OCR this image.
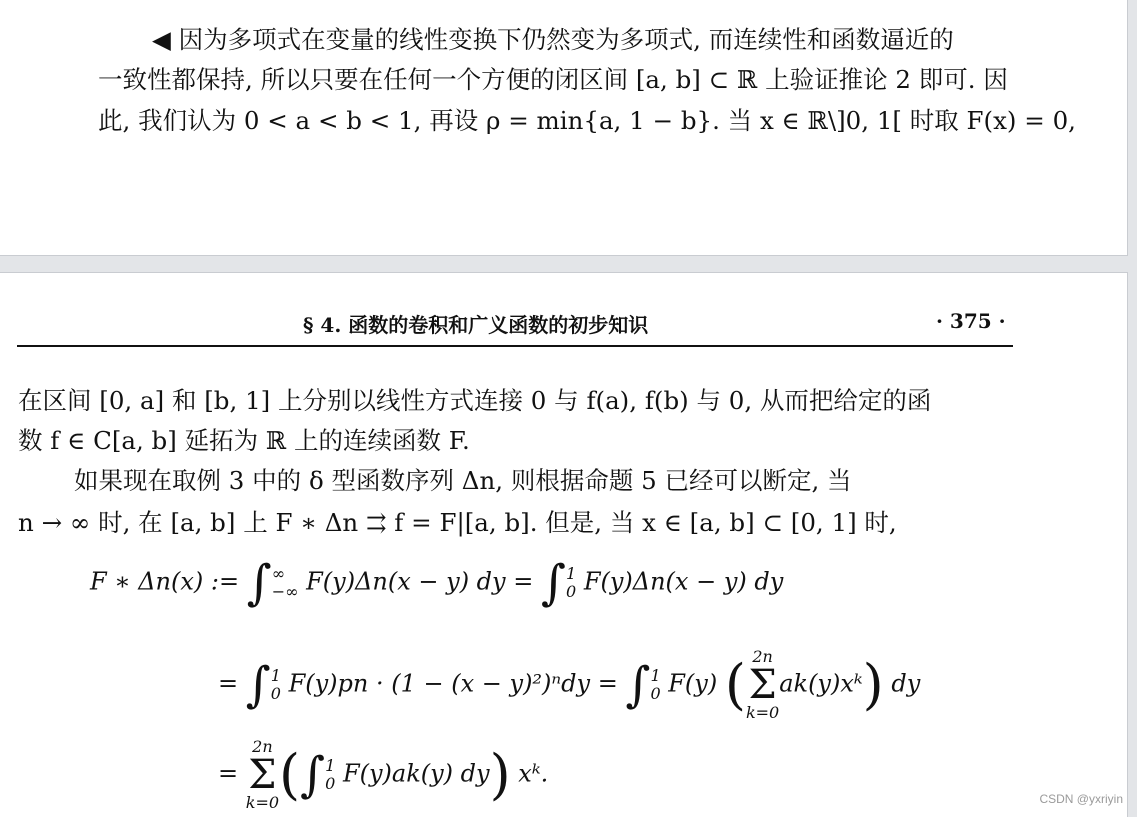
◀ 因为多项式在变量的线性变换下仍然变为多项式, 而连续性和函数逼近的
一致性都保持, 所以只要在任何一个方便的闭区间 [a, b] ⊂ ℝ 上验证推论 2 即可. 因
此, 我们认为 0 < a < b < 1, 再设 ρ = min{a, 1 − b}. 当 x ∈ ℝ\]0, 1[ 时取 F(x) = 0,
§ 4. 函数的卷积和广义函数的初步知识	· 375 ·
在区间 [0, a] 和 [b, 1] 上分别以线性方式连接 0 与 f(a), f(b) 与 0, 从而把给定的函
数 f ∈ C[a, b] 延拓为 ℝ 上的连续函数 F.
如果现在取例 3 中的 δ 型函数序列 Δn, 则根据命题 5 已经可以断定, 当
n → ∞ 时, 在 [a, b] 上 F ∗ Δn ⇉ f = F|[a, b]. 但是, 当 x ∈ [a, b] ⊂ [0, 1] 时,
F ∗ Δn(x) := ∫ ∞
−∞ F(y)Δn(x − y) dy = ∫ 1
0 F(y)Δn(x − y) dy
= ∫ 1
0 F(y)pn · (1 − (x − y)²)ⁿdy = ∫ 1
0 F(y) ( 2n
Σ
k=0
ak(y)xᵏ) dy
=
2n
Σ
k=0 (∫ 1
0 F(y)ak(y) dy) xᵏ.
CSDN @yxriyin
